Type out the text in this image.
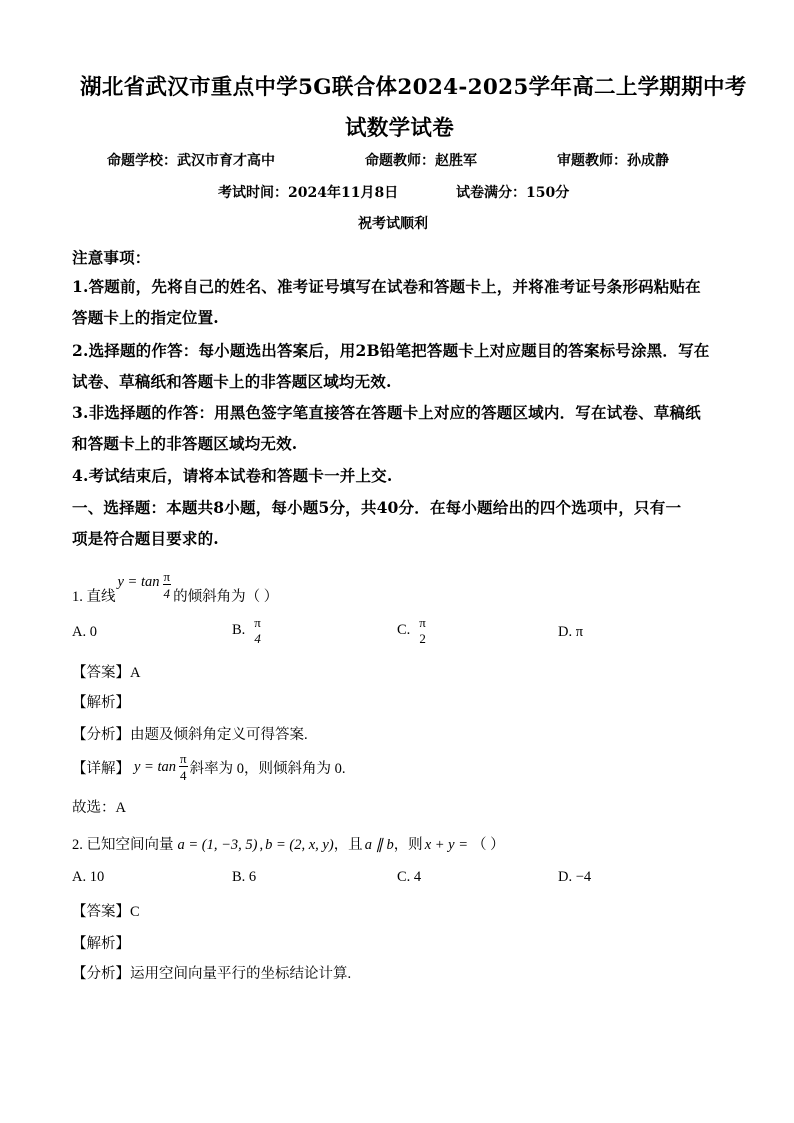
湖北省武汉市重点中学5G联合体2024-2025学年高二上学期期中考
试数学试卷
命题学校：武汉市育才高中	命题教师：赵胜军	审题教师：孙成静
考试时间：2024年11月8日	试卷满分：150分
祝考试顺利
注意事项：
1.答题前，先将自己的姓名、准考证号填写在试卷和答题卡上，并将准考证号条形码粘贴在
答题卡上的指定位置.
2.选择题的作答：每小题选出答案后，用2B铅笔把答题卡上对应题目的答案标号涂黑．写在
试卷、草稿纸和答题卡上的非答题区域均无效.
3.非选择题的作答：用黑色签字笔直接答在答题卡上对应的答题区域内．写在试卷、草稿纸
和答题卡上的非答题区域均无效.
4.考试结束后，请将本试卷和答题卡一并上交.
一、选择题：本题共8小题，每小题5分，共40分．在每小题给出的四个选项中，只有一
项是符合题目要求的.
1. 直线
$y = \tan \frac{\pi}{4}$ 的倾斜角为（ ）
A. 0	B. π
4
C. π
2	D. π
【答案】A
【解析】
【分析】由题及倾斜角定义可得答案.
【详解】 $y = \tan \frac{\pi}{4}$ 斜率为 0，则倾斜角为 0.
故选：A
2. 已知空间向量 a = (1, −3, 5) , b = (2, x, y) ，且 a ∥ b ，则 x + y = （ ）
A. 10	B. 6	C. 4	D. −4
【答案】C
【解析】
【分析】运用空间向量平行的坐标结论计算.
